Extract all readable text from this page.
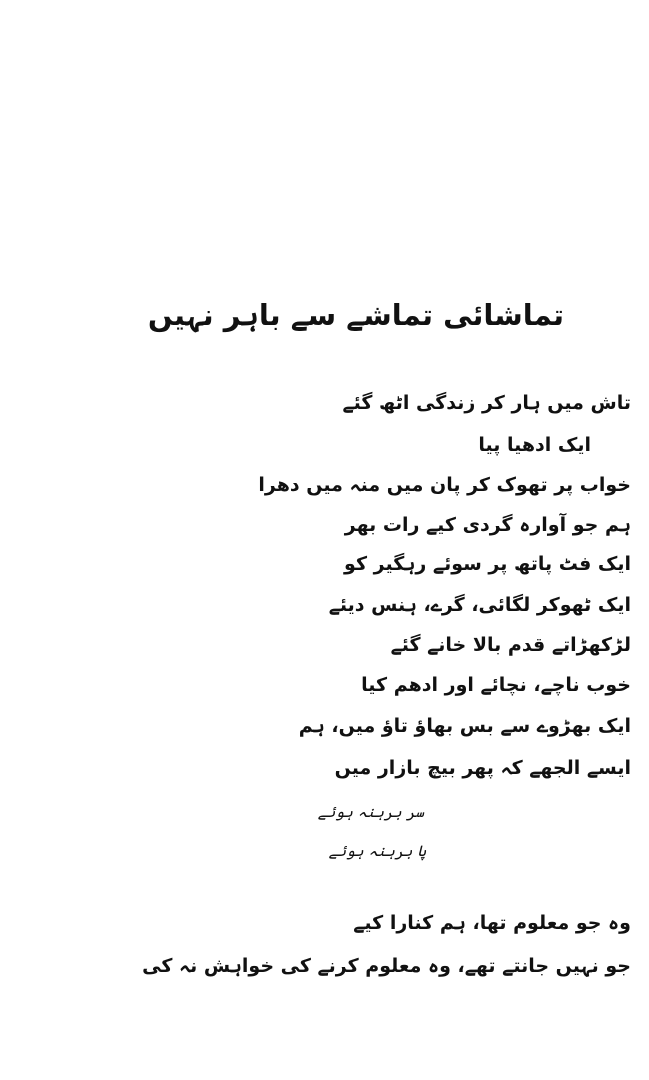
تماشائی تماشے سے باہر نہیں

تاش میں ہار کر زندگی اٹھ گئے

ایک ادھیا پیا

خواب پر تھوک کر پان میں منہ میں دھرا

ہم جو آوارہ گردی کیے رات بھر

ایک فٹ پاتھ پر سوئے رہگیر کو

ایک ٹھوکر لگائی، گرے، ہنس دیئے

لڑکھڑاتے قدم بالا خانے گئے

خوب ناچے، نچائے اور ادھم کیا

ایک بھڑوے سے بس بھاؤ تاؤ میں، ہم

ایسے الجھے کہ پھر بیچ بازار میں

سر برہنہ ہوئے

پا برہنہ ہوئے

وہ جو معلوم تھا، ہم کنارا کیے

جو نہیں جانتے تھے، وہ معلوم کرنے کی خواہش نہ کی
